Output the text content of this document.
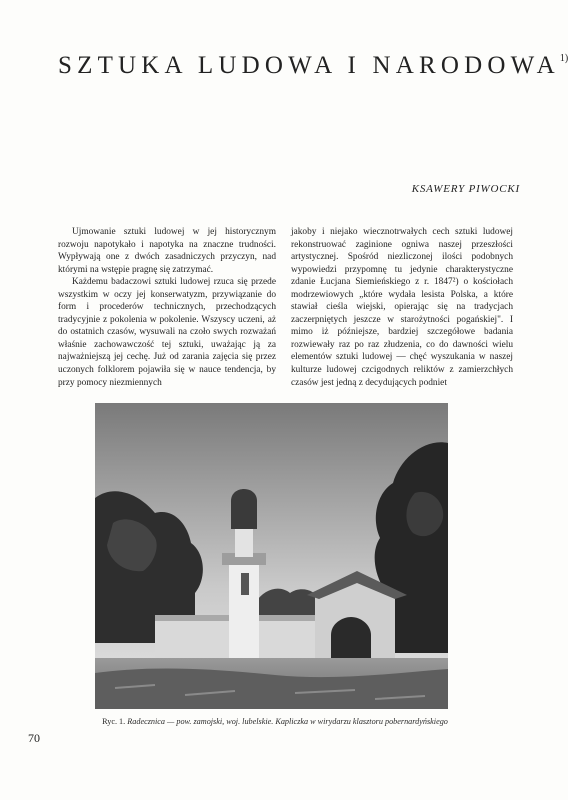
SZTUKA LUDOWA I NARODOWA$^{1)}$
KSAWERY PIWOCKI

Ujmowanie sztuki ludowej w jej historycznym rozwoju napotykało i napotyka na znaczne trudności. Wypływają one z dwóch zasadniczych przyczyn, nad którymi na wstępie pragnę się zatrzymać.

Każdemu badaczowi sztuki ludowej rzuca się przede wszystkim w oczy jej konserwatyzm, przywiązanie do form i procederów technicznych, przechodzących tradycyjnie z pokolenia w pokolenie. Wszyscy uczeni, aż do ostatnich czasów, wysuwali na czoło swych rozważań właśnie zachowawczość tej sztuki, uważając ją za najważniejszą jej cechę. Już od zarania zajęcia się przez uczonych folklorem pojawiła się w nauce tendencja, by przy pomocy niezmiennych

jakoby i niejako wiecznotrwałych cech sztuki ludowej rekonstruować zaginione ogniwa naszej przeszłości artystycznej. Spośród niezliczonej ilości podobnych wypowiedzi przypomnę tu jedynie charakterystyczne zdanie Łucjana Siemieńskiego z r. 1847²) o kościołach modrzewiowych „które wydała lesista Polska, a które stawiał cieśla wiejski, opierając się na tradycjach zaczerpniętych jeszcze w starożytności pogańskiej". I mimo iż późniejsze, bardziej szczegółowe badania rozwiewały raz po raz złudzenia, co do dawności wielu elementów sztuki ludowej — chęć wyszukania w naszej kulturze ludowej czcigodnych reliktów z zamierzchłych czasów jest jedną z decydujących podniet

Ryc. 1. Radecznica — pow. zamojski, woj. lubelskie. Kapliczka w wirydarzu klasztoru pobernardyńskiego
70
